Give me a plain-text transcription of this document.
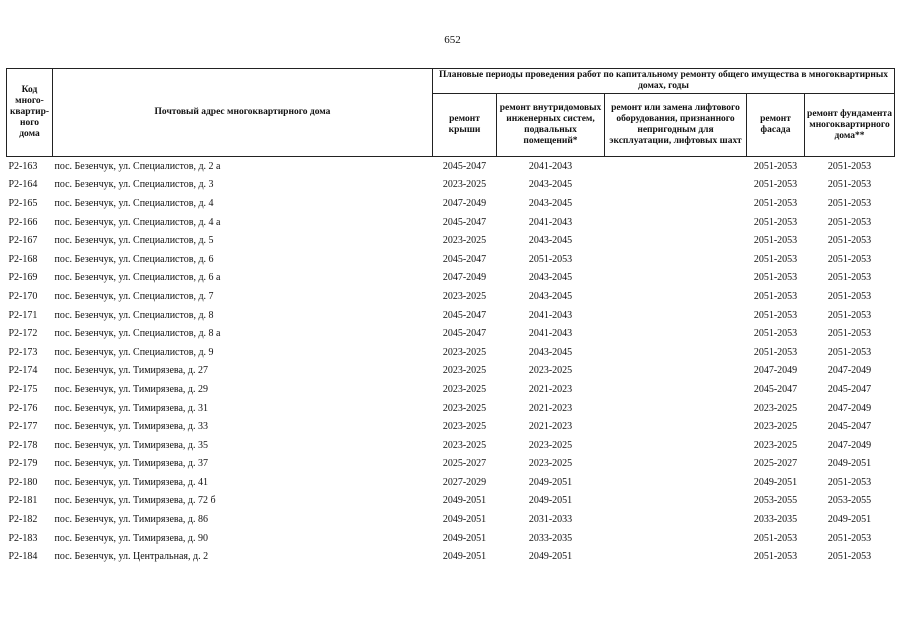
652
Код много-квартир-ного дома	Почтовый адрес многоквартирного дома	Плановые периоды проведения работ по капитальному ремонту общего имущества в многоквартирных домах, годы				
		ремонт крыши	ремонт внутридомовых инженерных систем, подвальных помещений*	ремонт или замена лифтового оборудования, признанного непригодным для эксплуатации, лифтовых шахт	ремонт фасада	ремонт фундамента многоквартирного дома**
Р2-163	пос. Безенчук, ул. Специалистов, д. 2 а	2045-2047	2041-2043		2051-2053	2051-2053
Р2-164	пос. Безенчук, ул. Специалистов, д. 3	2023-2025	2043-2045		2051-2053	2051-2053
Р2-165	пос. Безенчук, ул. Специалистов, д. 4	2047-2049	2043-2045		2051-2053	2051-2053
Р2-166	пос. Безенчук, ул. Специалистов, д. 4 а	2045-2047	2041-2043		2051-2053	2051-2053
Р2-167	пос. Безенчук, ул. Специалистов, д. 5	2023-2025	2043-2045		2051-2053	2051-2053
Р2-168	пос. Безенчук, ул. Специалистов, д. 6	2045-2047	2051-2053		2051-2053	2051-2053
Р2-169	пос. Безенчук, ул. Специалистов, д. 6 а	2047-2049	2043-2045		2051-2053	2051-2053
Р2-170	пос. Безенчук, ул. Специалистов, д. 7	2023-2025	2043-2045		2051-2053	2051-2053
Р2-171	пос. Безенчук, ул. Специалистов, д. 8	2045-2047	2041-2043		2051-2053	2051-2053
Р2-172	пос. Безенчук, ул. Специалистов, д. 8 а	2045-2047	2041-2043		2051-2053	2051-2053
Р2-173	пос. Безенчук, ул. Специалистов, д. 9	2023-2025	2043-2045		2051-2053	2051-2053
Р2-174	пос. Безенчук, ул. Тимирязева, д. 27	2023-2025	2023-2025		2047-2049	2047-2049
Р2-175	пос. Безенчук, ул. Тимирязева, д. 29	2023-2025	2021-2023		2045-2047	2045-2047
Р2-176	пос. Безенчук, ул. Тимирязева, д. 31	2023-2025	2021-2023		2023-2025	2047-2049
Р2-177	пос. Безенчук, ул. Тимирязева, д. 33	2023-2025	2021-2023		2023-2025	2045-2047
Р2-178	пос. Безенчук, ул. Тимирязева, д. 35	2023-2025	2023-2025		2023-2025	2047-2049
Р2-179	пос. Безенчук, ул. Тимирязева, д. 37	2025-2027	2023-2025		2025-2027	2049-2051
Р2-180	пос. Безенчук, ул. Тимирязева, д. 41	2027-2029	2049-2051		2049-2051	2051-2053
Р2-181	пос. Безенчук, ул. Тимирязева, д. 72 б	2049-2051	2049-2051		2053-2055	2053-2055
Р2-182	пос. Безенчук, ул. Тимирязева, д. 86	2049-2051	2031-2033		2033-2035	2049-2051
Р2-183	пос. Безенчук, ул. Тимирязева, д. 90	2049-2051	2033-2035		2051-2053	2051-2053
Р2-184	пос. Безенчук, ул. Центральная, д. 2	2049-2051	2049-2051		2051-2053	2051-2053
